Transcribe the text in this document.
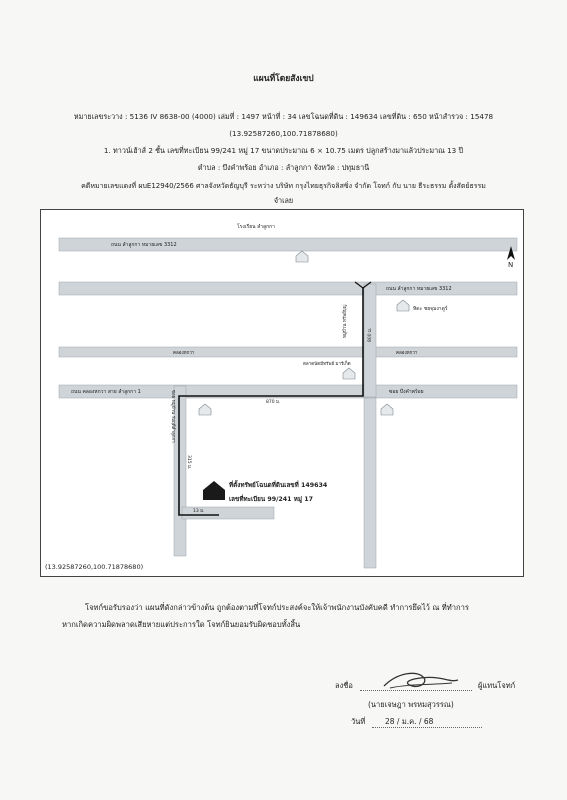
แผนที่โดยสังเขป
หมายเลขระวาง : 5136 IV 8638-00 (4000) เล่มที่ : 1497 หน้าที่ : 34 เลขโฉนดที่ดิน : 149634 เลขที่ดิน : 650 หน้าสำรวจ : 15478
(13.92587260,100.71878680)
1. ทาวน์เฮ้าส์ 2 ชั้น เลขที่ทะเบียน 99/241 หมู่ 17 ขนาดประมาณ 6 × 10.75 เมตร ปลูกสร้างมาแล้วประมาณ 13 ปี
ตำบล : บึงคำพร้อย อำเภอ : ลำลูกกา จังหวัด : ปทุมธานี
คดีหมายเลขแดงที่ ผบE12940/2566 ศาลจังหวัดธัญบุรี ระหว่าง บริษัท กรุงไทยธุรกิจลิสซิ่ง จำกัด โจทก์ กับ นาย ธีระธรรม ตั้งสัตย์ธรรม
จำเลย
N
โรงเรียน ลำลูกกา
ถนน ลำลูกกา หมายเลข 3312
ถนน ลำลูกกา หมายเลข 3312
หมู่บ้าน ทรัพย์บุญ	หิดะ ชยจุมงาดูร์
คลองหกวา	คลองหกวา
ตลาดนัดมีทรัพย์ มาร์เก็ต
800 ม.
ถนน คลองหกวา สาย ลำลูกกา 1
870 ม.
ซอย บึงคำพร้อย
ซอย หมู่บ้าน ร่มฤดีลำลูกกา
315 ม.
13 ม.
ที่ตั้งทรัพย์โฉนดที่ดินเลขที่ 149634
เลขที่ทะเบียน 99/241 หมู่ 17
(13.92587260,100.71878680)
โจทก์ขอรับรองว่า แผนที่ดังกล่าวข้างต้น ถูกต้องตามที่โจทก์ประสงค์จะให้เจ้าพนักงานบังคับคดี ทำการยึดไว้ ณ ที่ทำการ
หากเกิดความผิดพลาดเสียหายแต่ประการใด โจทก์ยินยอมรับผิดชอบทั้งสิ้น
ลงชื่อ	ผู้แทนโจทก์
(นายเจษฎา พรหมสุวรรณ)
วันที่	28 / ม.ค. / 68
